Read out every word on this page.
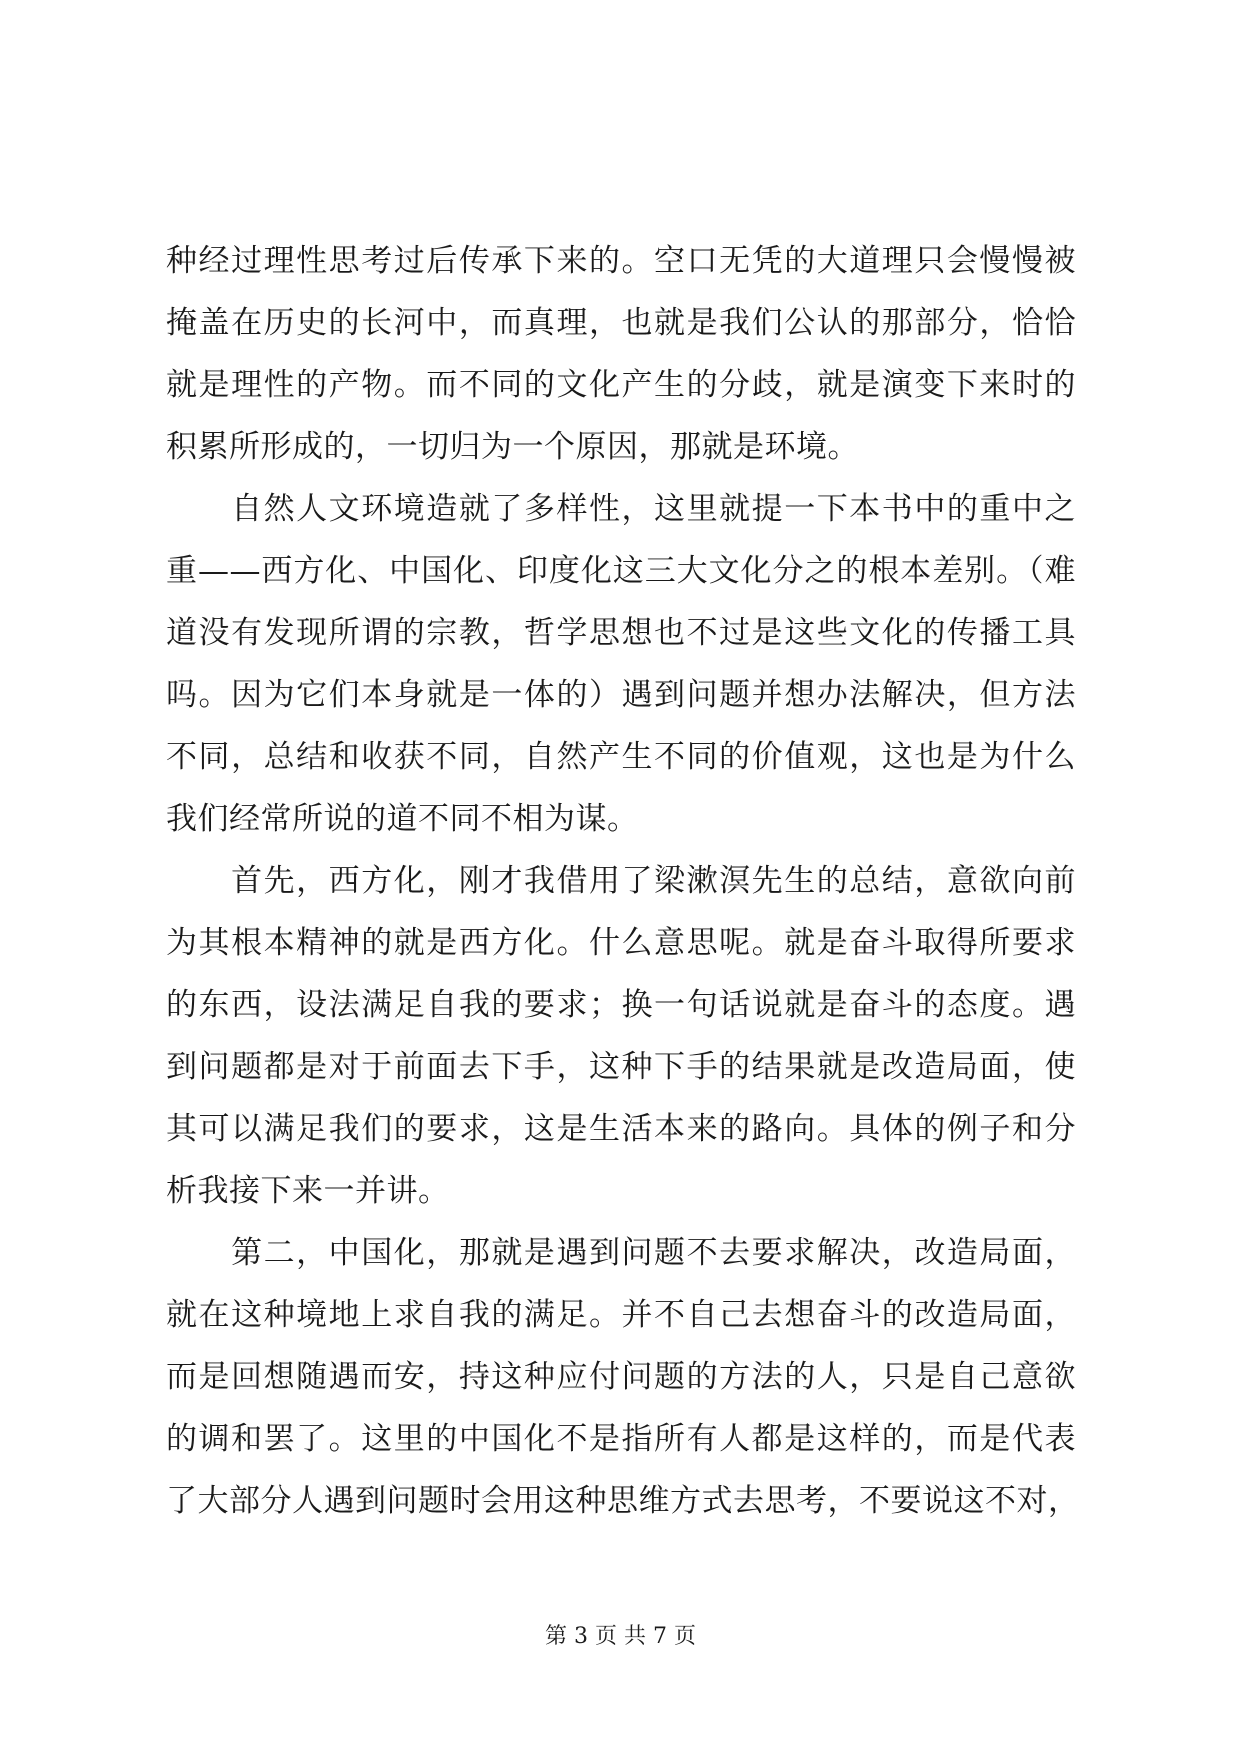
种经过理性思考过后传承下来的。空口无凭的大道理只会慢慢被
掩盖在历史的长河中，而真理，也就是我们公认的那部分，恰恰
就是理性的产物。而不同的文化产生的分歧，就是演变下来时的
积累所形成的，一切归为一个原因，那就是环境。
　　自然人文环境造就了多样性，这里就提一下本书中的重中之
重——西方化、中国化、印度化这三大文化分之的根本差别。（难
道没有发现所谓的宗教，哲学思想也不过是这些文化的传播工具
吗。因为它们本身就是一体的）遇到问题并想办法解决，但方法
不同，总结和收获不同，自然产生不同的价值观，这也是为什么
我们经常所说的道不同不相为谋。
　　首先，西方化，刚才我借用了梁漱溟先生的总结，意欲向前
为其根本精神的就是西方化。什么意思呢。就是奋斗取得所要求
的东西，设法满足自我的要求；换一句话说就是奋斗的态度。遇
到问题都是对于前面去下手，这种下手的结果就是改造局面，使
其可以满足我们的要求，这是生活本来的路向。具体的例子和分
析我接下来一并讲。
　　第二，中国化，那就是遇到问题不去要求解决，改造局面，
就在这种境地上求自我的满足。并不自己去想奋斗的改造局面，
而是回想随遇而安，持这种应付问题的方法的人，只是自己意欲
的调和罢了。这里的中国化不是指所有人都是这样的，而是代表
了大部分人遇到问题时会用这种思维方式去思考，不要说这不对，
第 3 页 共 7 页
